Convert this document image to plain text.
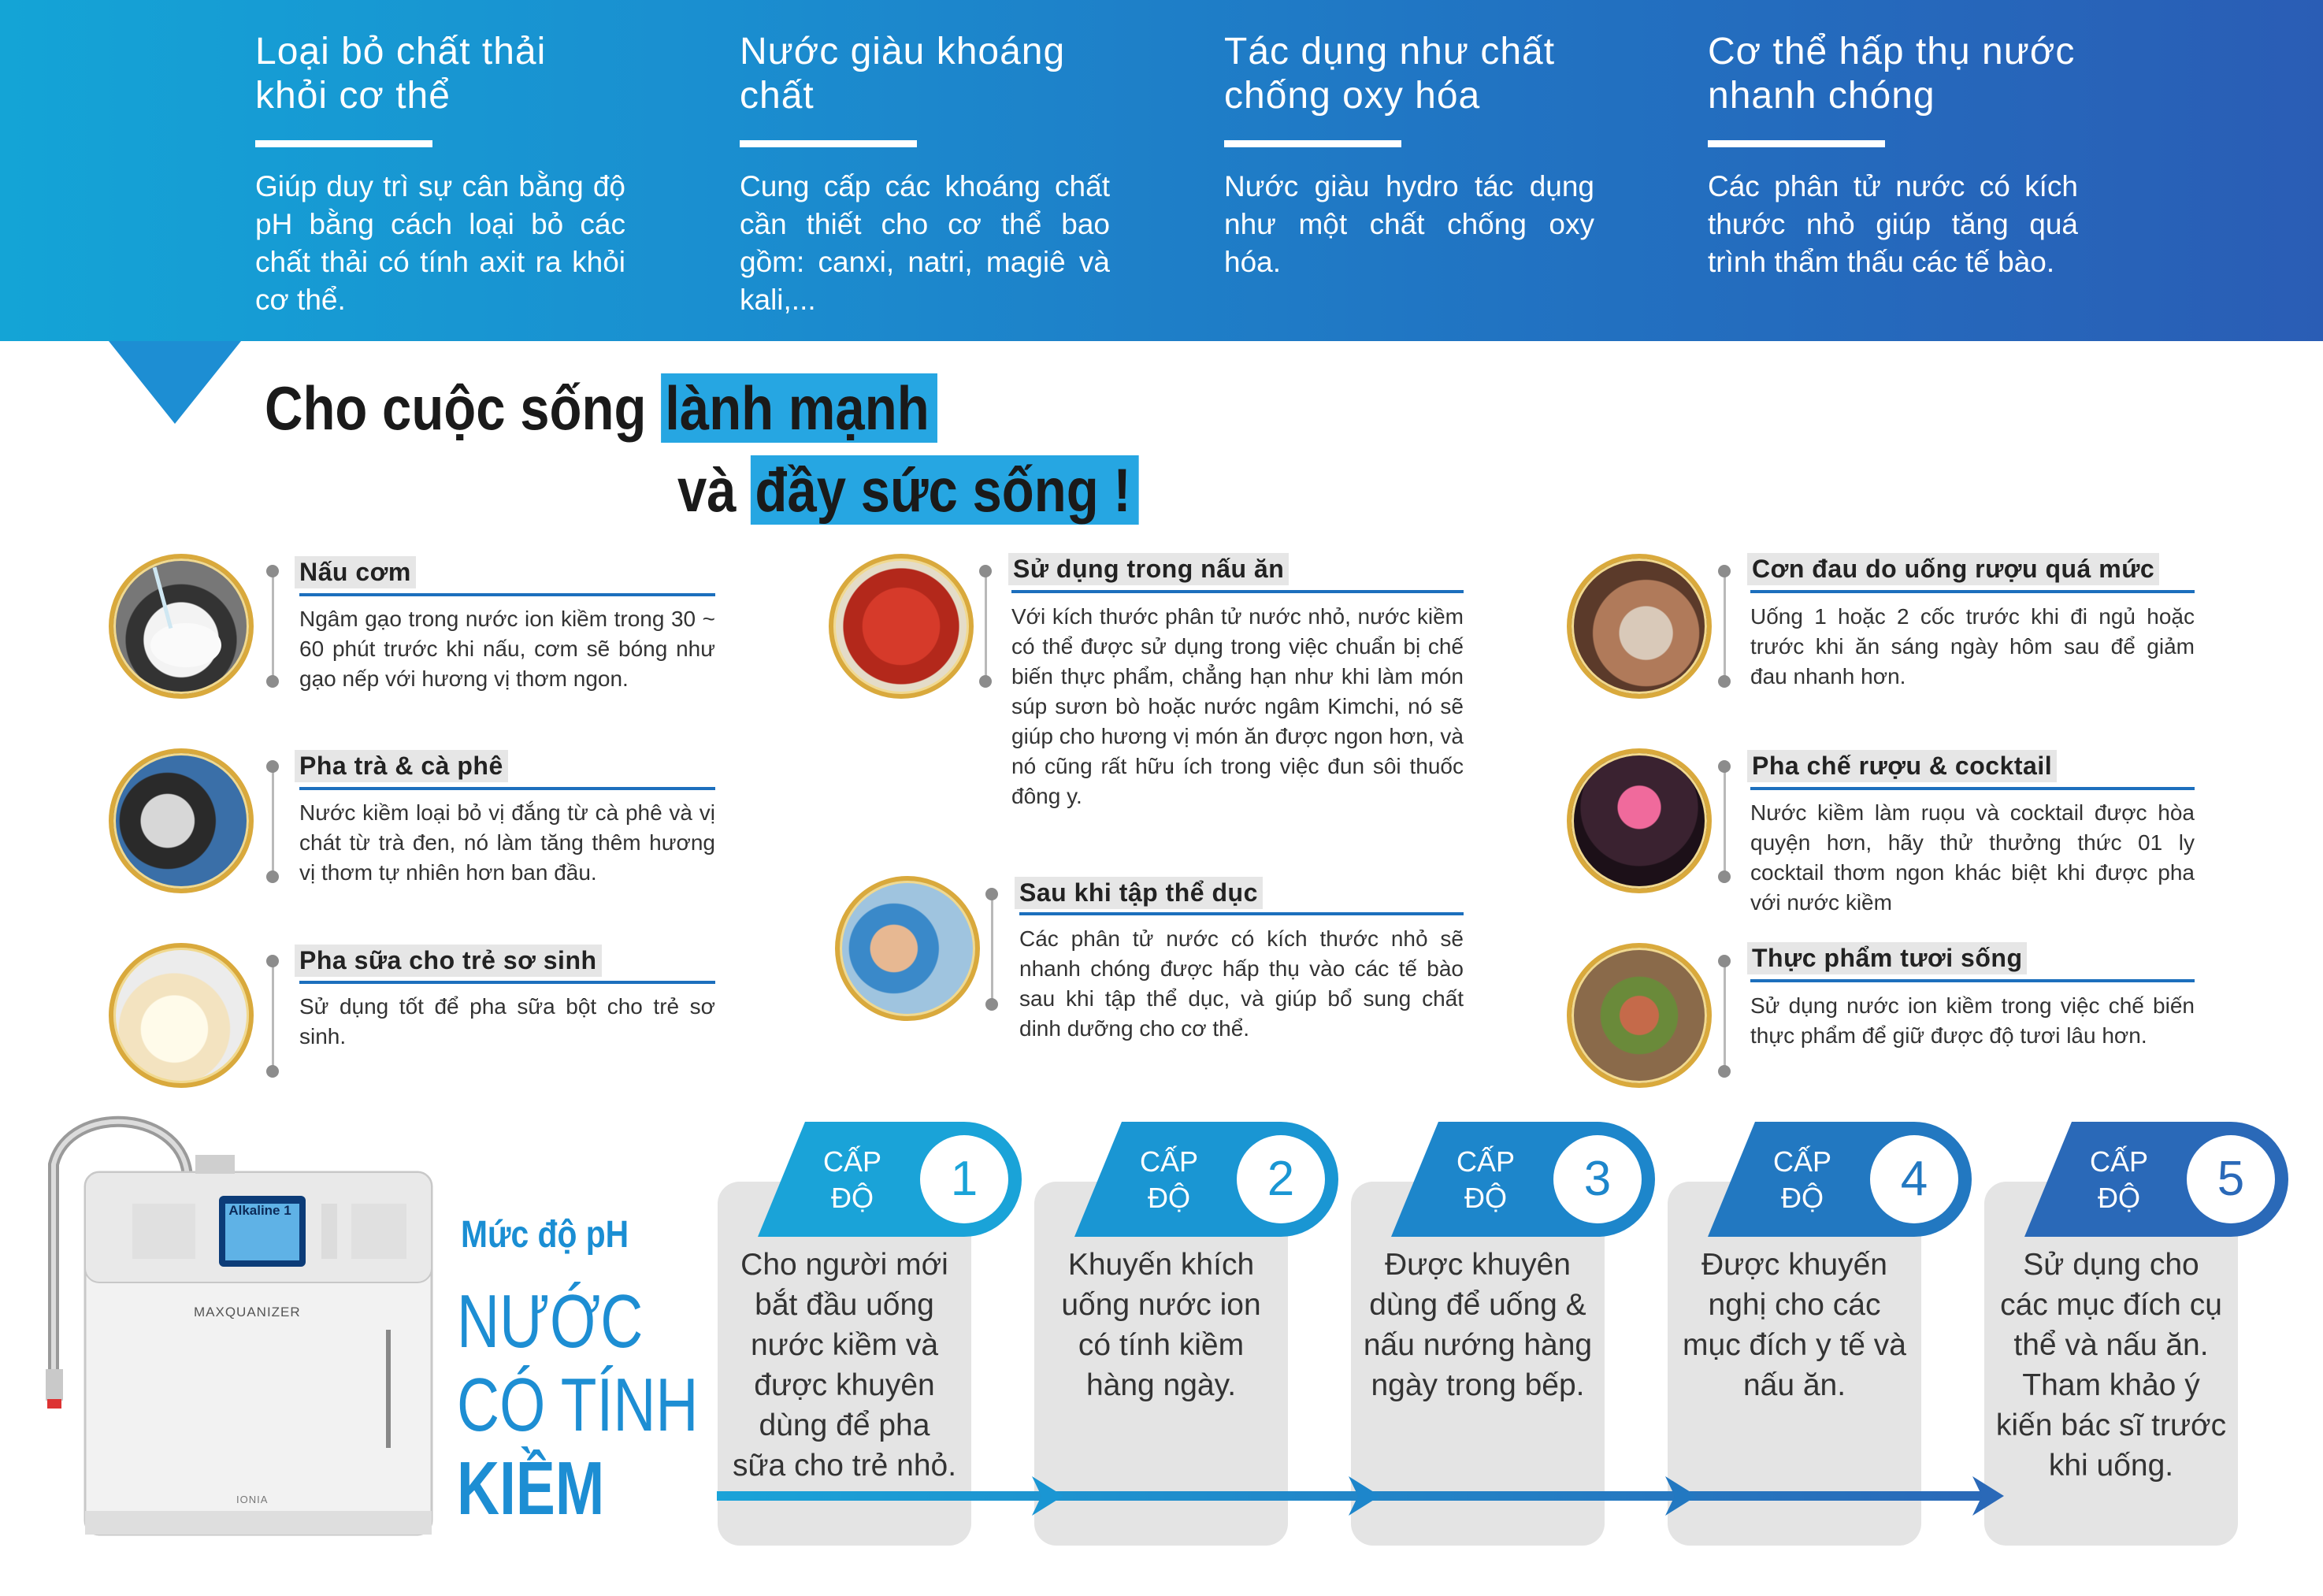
Loại bỏ chất thải khỏi cơ thể

Giúp duy trì sự cân bằng độ pH bằng cách loại bỏ các chất thải có tính axit ra khỏi cơ thể.

Nước giàu khoáng chất

Cung cấp các khoáng chất cần thiết cho cơ thể bao gồm: canxi, natri, magiê và kali,...

Tác dụng như chất chống oxy hóa

Nước giàu hydro tác dụng như một chất chống oxy hóa.

Cơ thể hấp thụ nước nhanh chóng

Các phân tử nước có kích thước nhỏ giúp tăng quá trình thẩm thấu các tế bào.

Cho cuộc sống lành mạnh
và đầy sức sống !
Nấu cơm
Ngâm gạo trong nước ion kiềm trong 30 ~ 60 phút trước khi nấu, cơm sẽ bóng như gạo nếp với hương vị thơm ngon.
Pha trà & cà phê
Nước kiềm loại bỏ vị đắng từ cà phê và vị chát từ trà đen, nó làm tăng thêm hương vị thơm tự nhiên hơn ban đầu.
Pha sữa cho trẻ sơ sinh
Sử dụng tốt để pha sữa bột cho trẻ sơ sinh.
Sử dụng trong nấu ăn
Với kích thước phân tử nước nhỏ, nước kiềm có thể được sử dụng trong việc chuẩn bị chế biến thực phẩm, chẳng hạn như khi làm món súp sươn bò hoặc nước ngâm Kimchi, nó sẽ giúp cho hương vị món ăn được ngon hơn, và nó cũng rất hữu ích trong việc đun sôi thuốc đông y.
Sau khi tập thể dục
Các phân tử nước có kích thước nhỏ sẽ nhanh chóng được hấp thụ vào các tế bào sau khi tập thể dục, và giúp bổ sung chất dinh dưỡng cho cơ thể.
Cơn đau do uống rượu quá mức
Uống 1 hoặc 2 cốc trước khi đi ngủ hoặc trước khi ăn sáng ngày hôm sau để giảm đau nhanh hơn.
Pha chế rượu & cocktail
Nước kiềm làm ruọu và cocktail được hòa quyện hơn, hãy thử thưởng thức 01 ly cocktail thơm ngon khác biệt khi được pha với nước kiềm
Thực phẩm tươi sống
Sử dụng nước ion kiềm trong việc chế biến thực phẩm để giữ được độ tươi lâu hơn.
Alkaline 1
MAXQUANIZER
IONIA
Mức độ pH
NƯỚC
CÓ TÍNH
KIỀM
Cho người mới bắt đầu uống nước kiềm và được khuyên dùng để pha sữa cho trẻ nhỏ.
Khuyến khích uống nước ion có tính kiềm hàng ngày.
Được khuyên dùng để uống & nấu nướng hàng ngày trong bếp.
Được khuyến nghị cho các mục đích y tế và nấu ăn.
Sử dụng cho các mục đích cụ thể và nấu ăn. Tham khảo ý kiến bác sĩ trước khi uống.
CẤP ĐỘ	1	CẤP ĐỘ	2	CẤP ĐỘ	3	CẤP ĐỘ	4	CẤP ĐỘ	5
